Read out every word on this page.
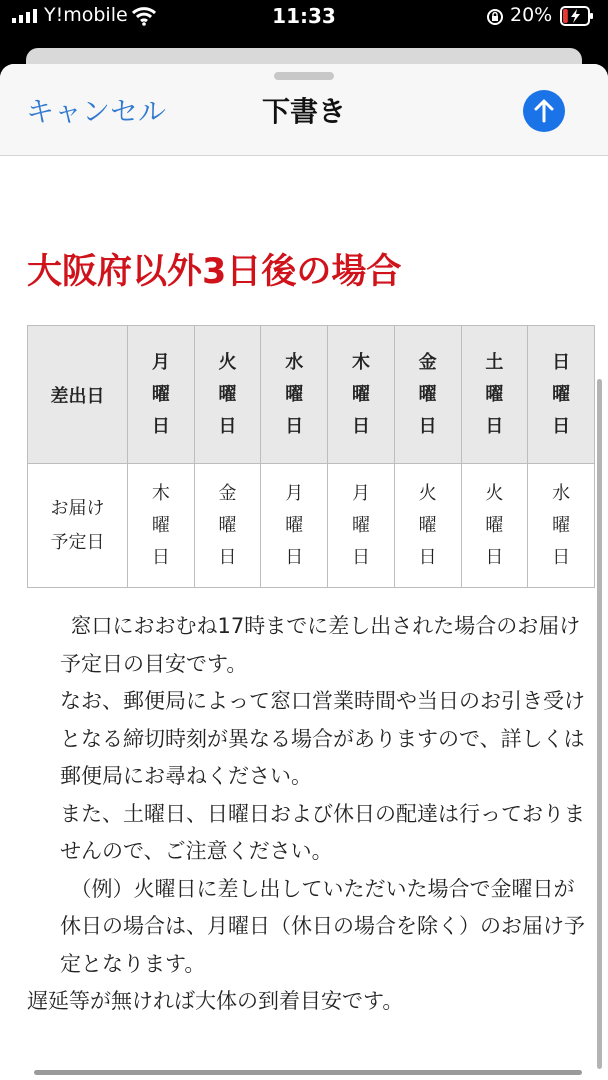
Y!mobile	11:33	20%
キャンセル	下書き
大阪府以外3日後の場合
差出日	月曜日	火曜日	水曜日	木曜日	金曜日	土曜日	日曜日
お届け
予定日	木曜日	金曜日	月曜日	月曜日	火曜日	火曜日	水曜日

窓口におおむね17時までに差し出された場合のお届け予定日の目安です。

なお、郵便局によって窓口営業時間や当日のお引き受けとなる締切時刻が異なる場合がありますので、詳しくは郵便局にお尋ねください。

また、土曜日、日曜日および休日の配達は行っておりませんので、ご注意ください。

（例）火曜日に差し出していただいた場合で金曜日が休日の場合は、月曜日（休日の場合を除く）のお届け予定となります。

遅延等が無ければ大体の到着目安です。
